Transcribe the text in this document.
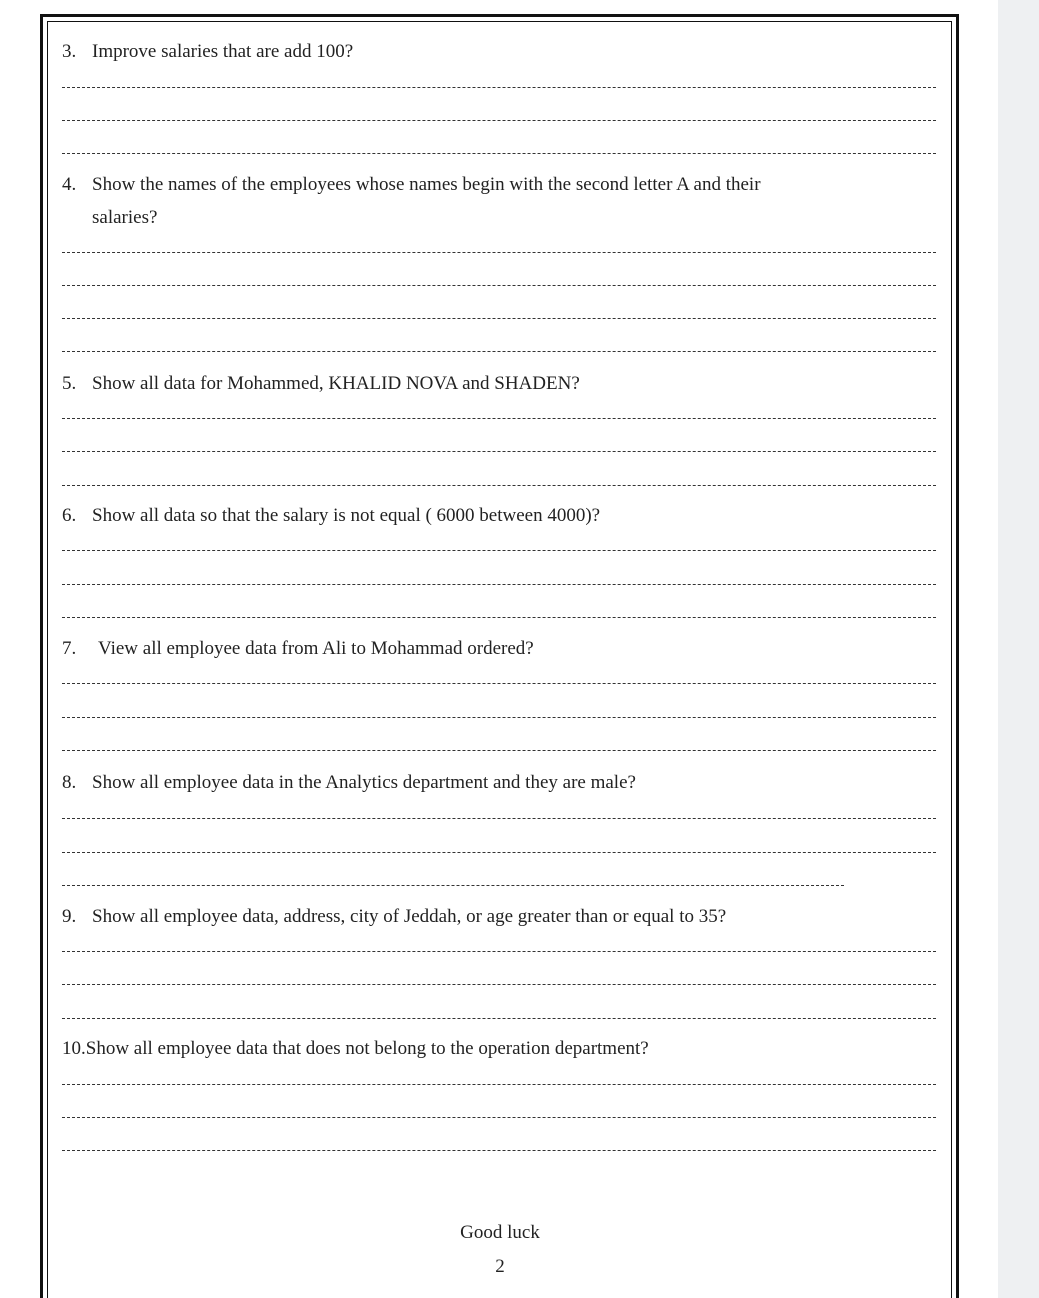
3. Improve salaries that are add 100?
4. Show the names of the employees whose names begin with the second letter A and their
salaries?
5. Show all data for Mohammed, KHALID NOVA and SHADEN?
6. Show all data so that the salary is not equal ( 6000 between 4000)?
7. View all employee data from Ali to Mohammad ordered?
8. Show all employee data in the Analytics department and they are male?
9. Show all employee data, address, city of Jeddah, or age greater than or equal to 35?
10.Show all employee data that does not belong to the operation department?
Good luck
2
